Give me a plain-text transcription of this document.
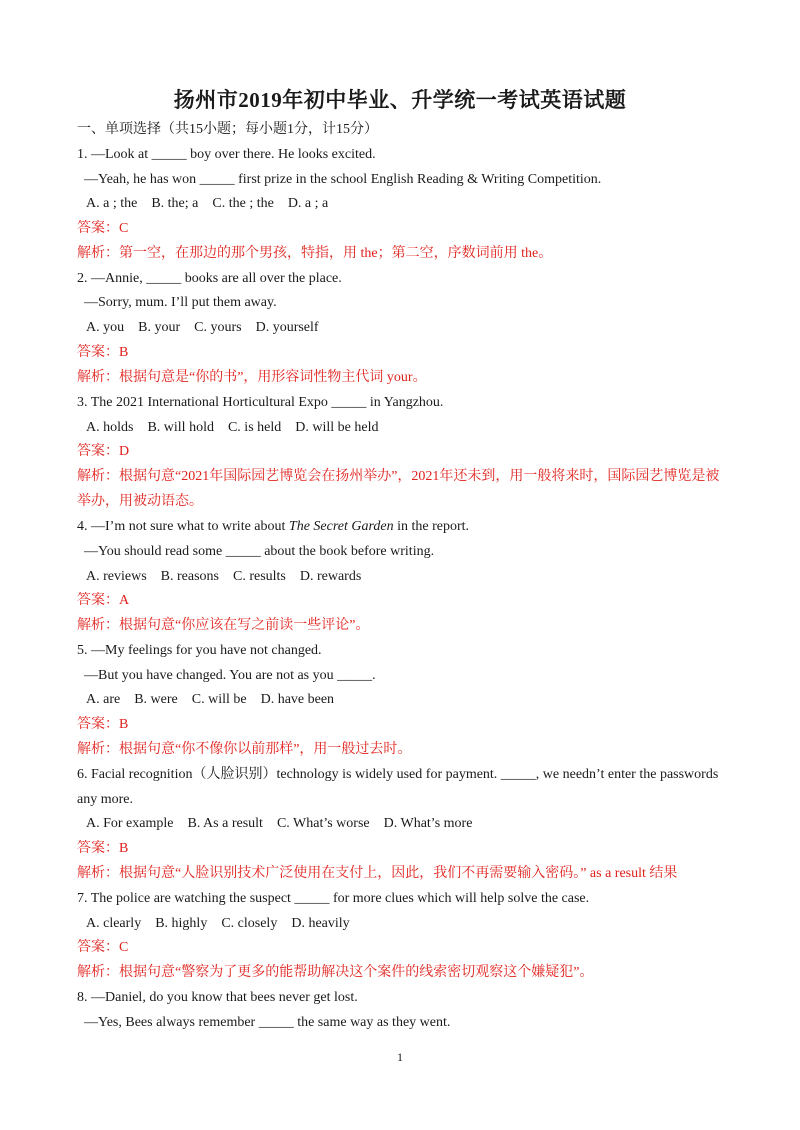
扬州市2019年初中毕业、升学统一考试英语试题
一、单项选择（共15小题；每小题1分，计15分）
1. —Look at _____ boy over there. He looks excited.
—Yeah, he has won _____ first prize in the school English Reading & Writing Competition.
A. a ; the B. the; a C. the ; the D. a ; a
答案：C
解析：第一空，在那边的那个男孩，特指，用 the；第二空，序数词前用 the。
2. —Annie, _____ books are all over the place.
—Sorry, mum. I’ll put them away.
A. you B. your C. yours D. yourself
答案：B
解析：根据句意是“你的书”，用形容词性物主代词 your。
3. The 2021 International Horticultural Expo _____ in Yangzhou.
A. holds B. will hold C. is held D. will be held
答案：D
解析：根据句意“2021年国际园艺博览会在扬州举办”，2021年还未到，用一般将来时，国际园艺博览是被
举办，用被动语态。
4. —I’m not sure what to write about The Secret Garden in the report.
—You should read some _____ about the book before writing.
A. reviews B. reasons C. results D. rewards
答案：A
解析：根据句意“你应该在写之前读一些评论”。
5. —My feelings for you have not changed.
—But you have changed. You are not as you _____.
A. are B. were C. will be D. have been
答案：B
解析：根据句意“你不像你以前那样”，用一般过去时。
6. Facial recognition（人脸识别）technology is widely used for payment. _____, we needn’t enter the passwords
any more.
A. For example B. As a result C. What’s worse D. What’s more
答案：B
解析：根据句意“人脸识别技术广泛使用在支付上，因此，我们不再需要输入密码。” as a result 结果
7. The police are watching the suspect _____ for more clues which will help solve the case.
A. clearly B. highly C. closely D. heavily
答案：C
解析：根据句意“警察为了更多的能帮助解决这个案件的线索密切观察这个嫌疑犯”。
8. —Daniel, do you know that bees never get lost.
—Yes, Bees always remember _____ the same way as they went.
1
